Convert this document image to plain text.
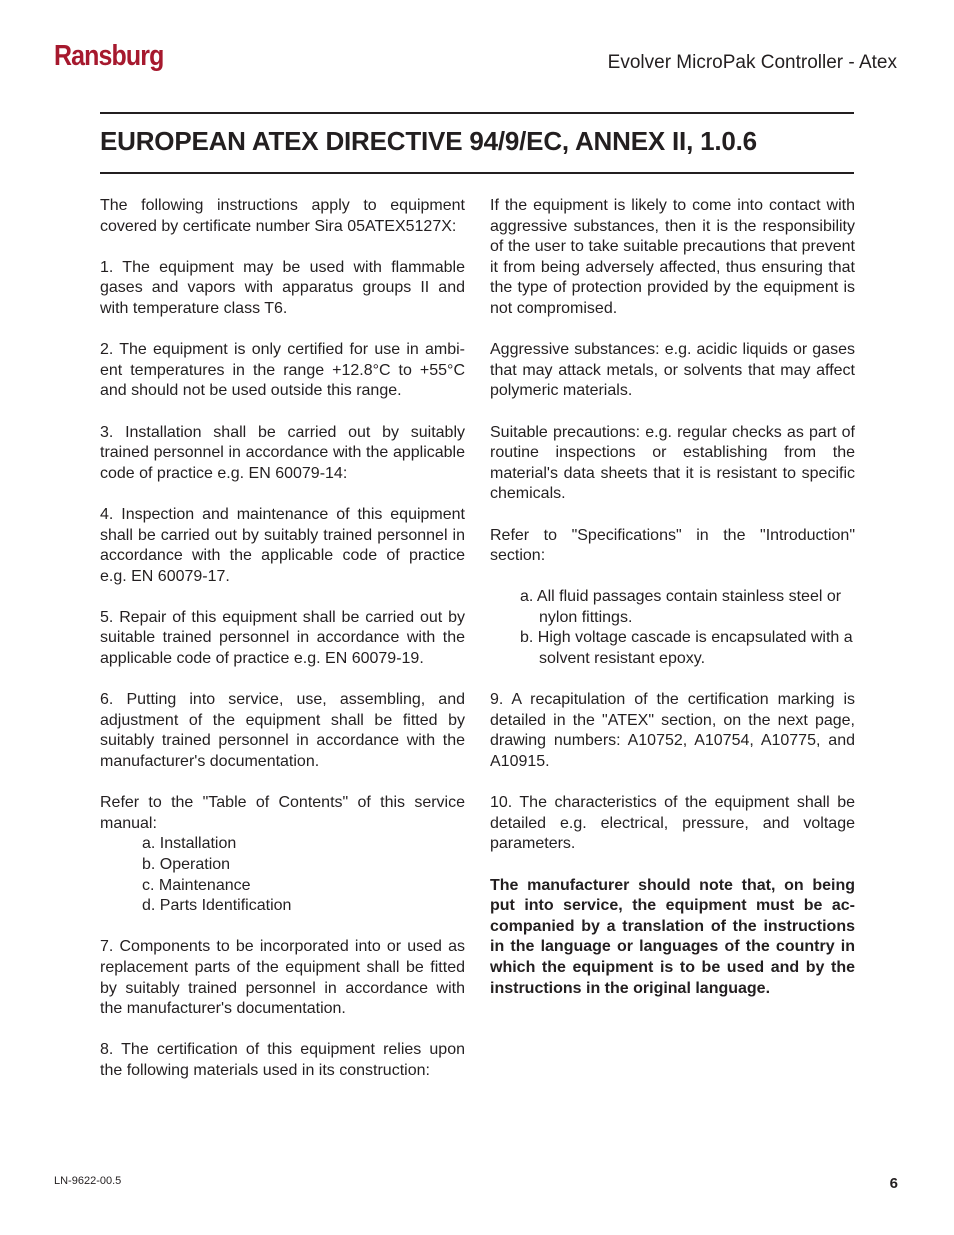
Ransburg	Evolver MicroPak Controller - Atex
EUROPEAN ATEX DIRECTIVE 94/9/EC, ANNEX II, 1.0.6

The following instructions apply to equipment covered by certificate number Sira 05ATEX5127X:

1. The equipment may be used with flammable gases and vapors with apparatus groups II and with temperature class T6.

2. The equipment is only certified for use in ambi-ent temperatures in the range +12.8°C to +55°C and should not be used outside this range.

3. Installation shall be carried out by suitably trained personnel in accordance with the applicable code of practice e.g. EN 60079-14:

4. Inspection and maintenance of this equipment shall be carried out by suitably trained personnel in accordance with the applicable code of practice e.g. EN 60079-17.

5. Repair of this equipment shall be carried out by suitable trained personnel in accordance with the applicable code of practice e.g. EN 60079-19.

6. Putting into service, use, assembling, and adjustment of the equipment shall be fitted by suitably trained personnel in accordance with the manufacturer's documentation.

Refer to the "Table of Contents" of this service manual:

a. Installation
b. Operation
c. Maintenance
d. Parts Identification

7. Components to be incorporated into or used as replacement parts of the equipment shall be fitted by suitably trained personnel in accordance with the manufacturer's documentation.

8. The certification of this equipment relies upon the following materials used in its construction:

If the equipment is likely to come into contact with aggressive substances, then it is the responsibility of the user to take suitable precautions that prevent it from being adversely affected, thus ensuring that the type of protection provided by the equipment is not compromised.

Aggressive substances: e.g. acidic liquids or gases that may attack metals, or solvents that may affect polymeric materials.

Suitable precautions: e.g. regular checks as part of routine inspections or establishing from the material's data sheets that it is resistant to specific chemicals.

Refer to "Specifications" in the "Introduction" section:

a. All fluid passages contain stainless steel or nylon fittings.
b. High voltage cascade is encapsulated with a solvent resistant epoxy.

9. A recapitulation of the certification marking is detailed in the "ATEX" section, on the next page, drawing numbers: A10752, A10754, A10775, and A10915.

10. The characteristics of the equipment shall be detailed e.g. electrical, pressure, and voltage parameters.

The manufacturer should note that, on being put into service, the equipment must be ac-companied by a translation of the instructions in the language or languages of the country in which the equipment is to be used and by the instructions in the original language.

LN-9622-00.5	6
